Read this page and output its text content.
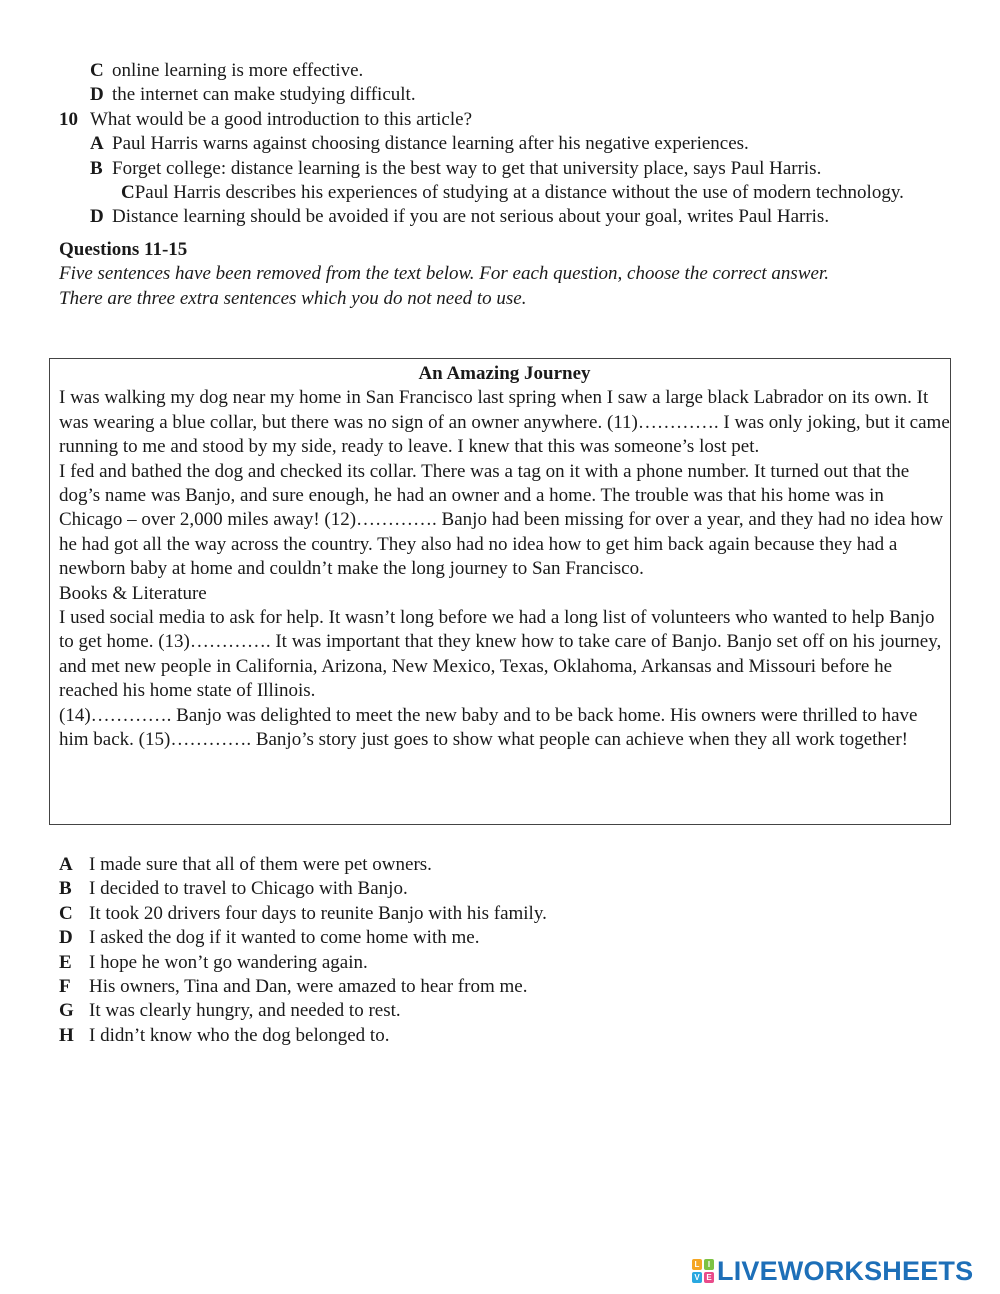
C online learning is more effective.
D the internet can make studying difficult.
10 What would be a good introduction to this article?
A Paul Harris warns against choosing distance learning after his negative experiences.
B Forget college: distance learning is the best way to get that university place, says Paul Harris.
CPaul Harris describes his experiences of studying at a distance without the use of modern technology.
D Distance learning should be avoided if you are not serious about your goal, writes Paul Harris.
Questions 11-15
Five sentences have been removed from the text below. For each question, choose the correct answer.
There are three extra sentences which you do not need to use.
An Amazing Journey

I was walking my dog near my home in San Francisco last spring when I saw a large black Labrador on its own. It was wearing a blue collar, but there was no sign of an owner anywhere. (11)…………. I was only joking, but it came running to me and stood by my side, ready to leave. I knew that this was someone’s lost pet.

I fed and bathed the dog and checked its collar. There was a tag on it with a phone number. It turned out that the dog’s name was Banjo, and sure enough, he had an owner and a home. The trouble was that his home was in Chicago – over 2,000 miles away! (12)…………. Banjo had been missing for over a year, and they had no idea how he had got all the way across the country. They also had no idea how to get him back again because they had a newborn baby at home and couldn’t make the long journey to San Francisco.

Books & Literature

I used social media to ask for help. It wasn’t long before we had a long list of volunteers who wanted to help Banjo to get home. (13)…………. It was important that they knew how to take care of Banjo. Banjo set off on his journey, and met new people in California, Arizona, New Mexico, Texas, Oklahoma, Arkansas and Missouri before he reached his home state of Illinois.

(14)…………. Banjo was delighted to meet the new baby and to be back home. His owners were thrilled to have him back. (15)…………. Banjo’s story just goes to show what people can achieve when they all work together!

A I made sure that all of them were pet owners.
B I decided to travel to Chicago with Banjo.
C It took 20 drivers four days to reunite Banjo with his family.
D I asked the dog if it wanted to come home with me.
E I hope he won’t go wandering again.
F His owners, Tina and Dan, were amazed to hear from me.
G It was clearly hungry, and needed to rest.
H I didn’t know who the dog belonged to.
L	I
V E LIVEWORKSHEETS
